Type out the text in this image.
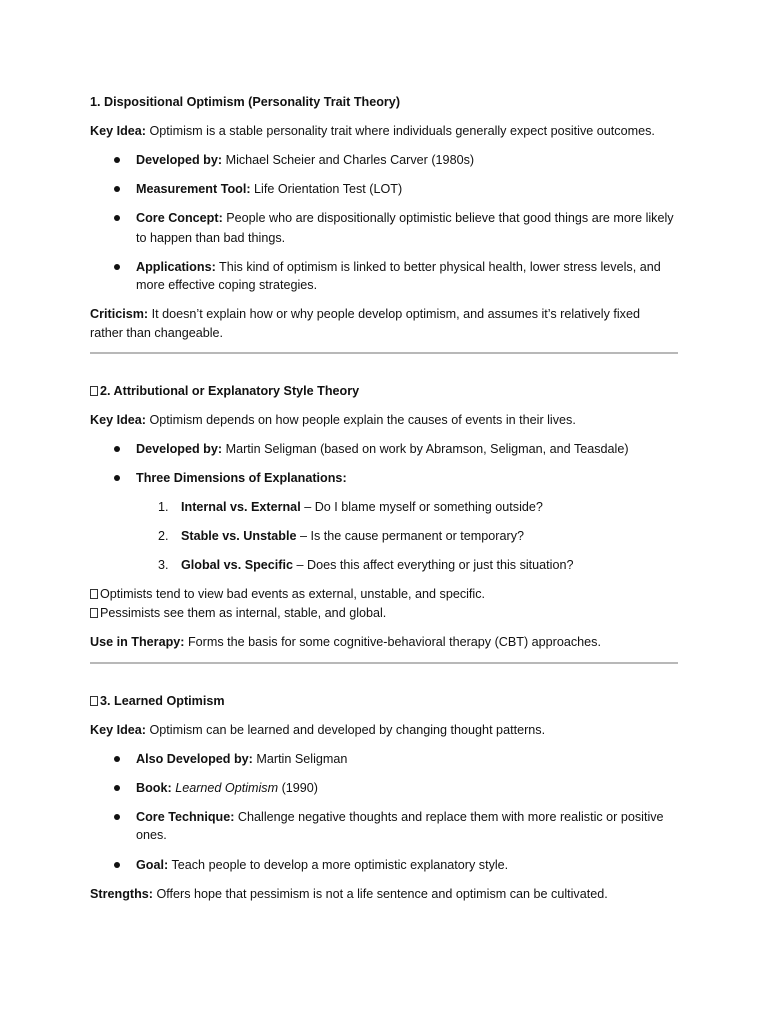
1. Dispositional Optimism (Personality Trait Theory)
Key Idea: Optimism is a stable personality trait where individuals generally expect positive outcomes.
Developed by: Michael Scheier and Charles Carver (1980s)
Measurement Tool: Life Orientation Test (LOT)
Core Concept: People who are dispositionally optimistic believe that good things are more likely
to happen than bad things.
Applications: This kind of optimism is linked to better physical health, lower stress levels, and
more effective coping strategies.
Criticism: It doesn’t explain how or why people develop optimism, and assumes it’s relatively fixed
rather than changeable.
2. Attributional or Explanatory Style Theory
Key Idea: Optimism depends on how people explain the causes of events in their lives.
Developed by: Martin Seligman (based on work by Abramson, Seligman, and Teasdale)
Three Dimensions of Explanations:
1. Internal vs. External – Do I blame myself or something outside?
2. Stable vs. Unstable – Is the cause permanent or temporary?
3. Global vs. Specific – Does this affect everything or just this situation?
Optimists tend to view bad events as external, unstable, and specific.
Pessimists see them as internal, stable, and global.
Use in Therapy: Forms the basis for some cognitive-behavioral therapy (CBT) approaches.
3. Learned Optimism
Key Idea: Optimism can be learned and developed by changing thought patterns.
Also Developed by: Martin Seligman
Book: Learned Optimism (1990)
Core Technique: Challenge negative thoughts and replace them with more realistic or positive
ones.
Goal: Teach people to develop a more optimistic explanatory style.
Strengths: Offers hope that pessimism is not a life sentence and optimism can be cultivated.
